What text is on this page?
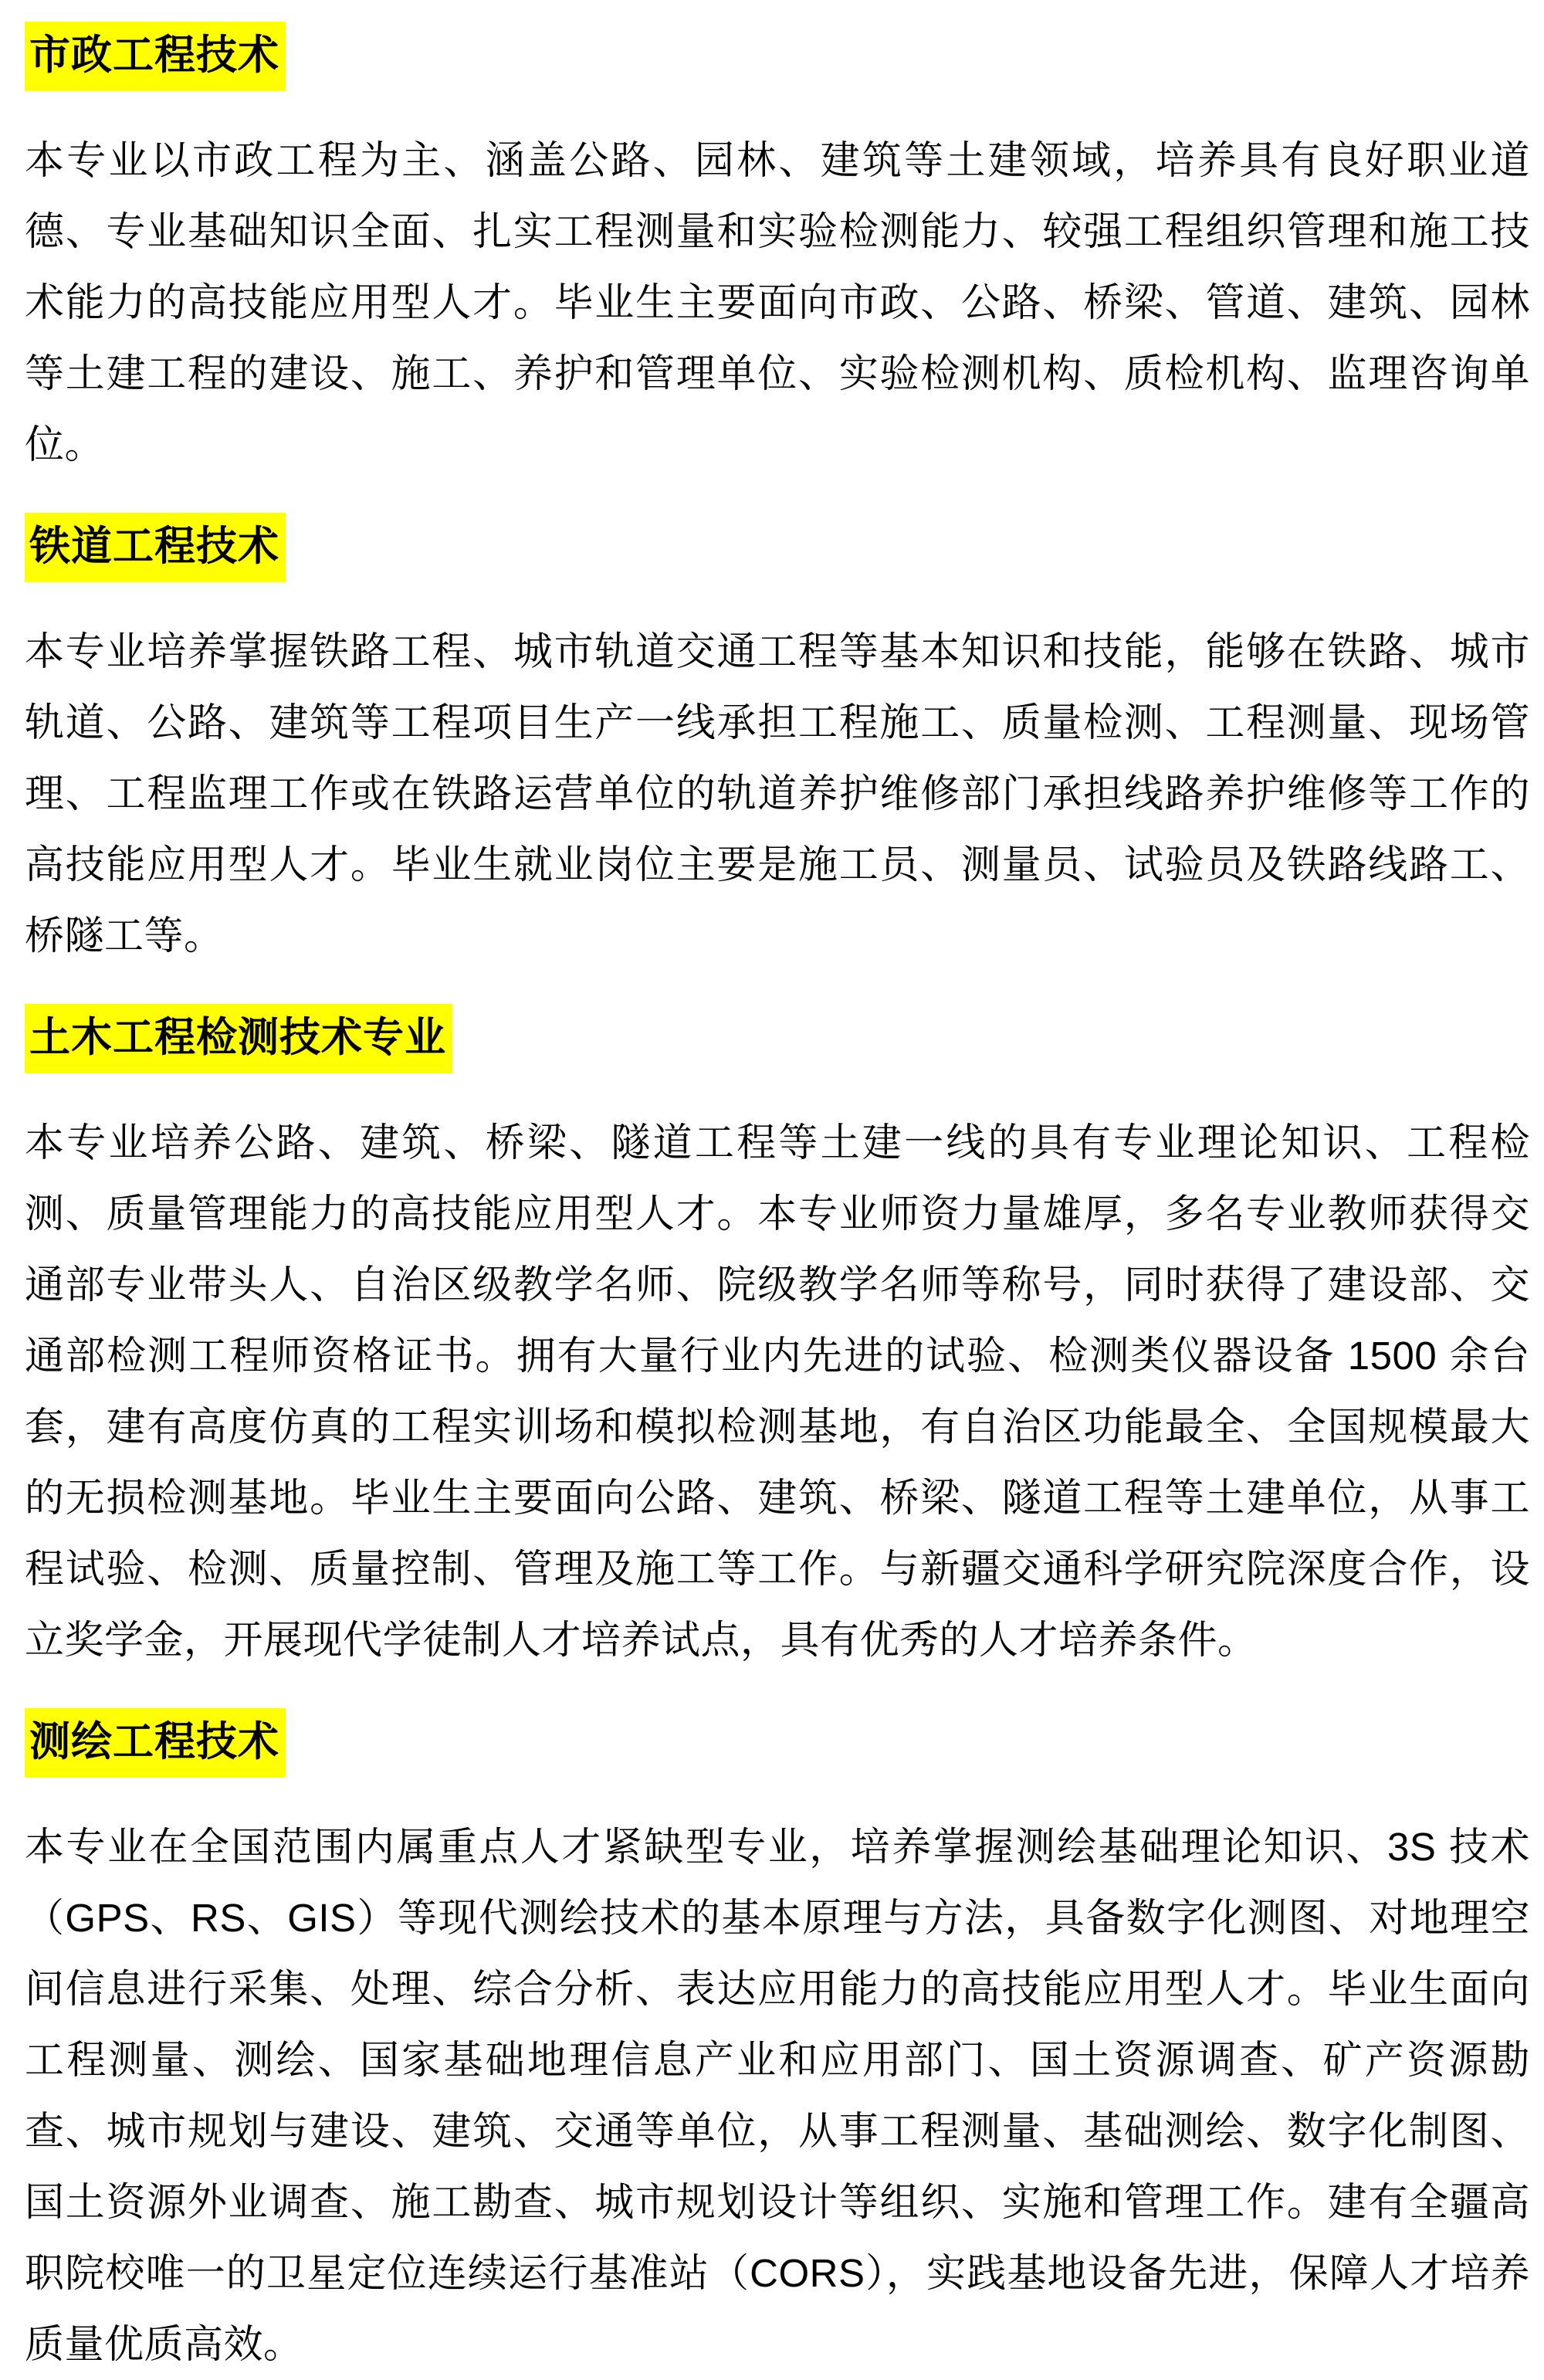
市政工程技术

本专业以市政工程为主、涵盖公路、园林、建筑等土建领域，培养具有良好职业道德、专业基础知识全面、扎实工程测量和实验检测能力、较强工程组织管理和施工技术能力的高技能应用型人才。毕业生主要面向市政、公路、桥梁、管道、建筑、园林等土建工程的建设、施工、养护和管理单位、实验检测机构、质检机构、监理咨询单位。

铁道工程技术

本专业培养掌握铁路工程、城市轨道交通工程等基本知识和技能，能够在铁路、城市轨道、公路、建筑等工程项目生产一线承担工程施工、质量检测、工程测量、现场管理、工程监理工作或在铁路运营单位的轨道养护维修部门承担线路养护维修等工作的高技能应用型人才。毕业生就业岗位主要是施工员、测量员、试验员及铁路线路工、桥隧工等。

土木工程检测技术专业

本专业培养公路、建筑、桥梁、隧道工程等土建一线的具有专业理论知识、工程检测、质量管理能力的高技能应用型人才。本专业师资力量雄厚，多名专业教师获得交通部专业带头人、自治区级教学名师、院级教学名师等称号，同时获得了建设部、交通部检测工程师资格证书。拥有大量行业内先进的试验、检测类仪器设备 1500 余台套，建有高度仿真的工程实训场和模拟检测基地，有自治区功能最全、全国规模最大的无损检测基地。毕业生主要面向公路、建筑、桥梁、隧道工程等土建单位，从事工程试验、检测、质量控制、管理及施工等工作。与新疆交通科学研究院深度合作，设立奖学金，开展现代学徒制人才培养试点，具有优秀的人才培养条件。

测绘工程技术

本专业在全国范围内属重点人才紧缺型专业，培养掌握测绘基础理论知识、3S 技术（GPS、RS、GIS）等现代测绘技术的基本原理与方法，具备数字化测图、对地理空间信息进行采集、处理、综合分析、表达应用能力的高技能应用型人才。毕业生面向工程测量、测绘、国家基础地理信息产业和应用部门、国土资源调查、矿产资源勘查、城市规划与建设、建筑、交通等单位，从事工程测量、基础测绘、数字化制图、国土资源外业调查、施工勘查、城市规划设计等组织、实施和管理工作。建有全疆高职院校唯一的卫星定位连续运行基准站（CORS），实践基地设备先进，保障人才培养质量优质高效。
